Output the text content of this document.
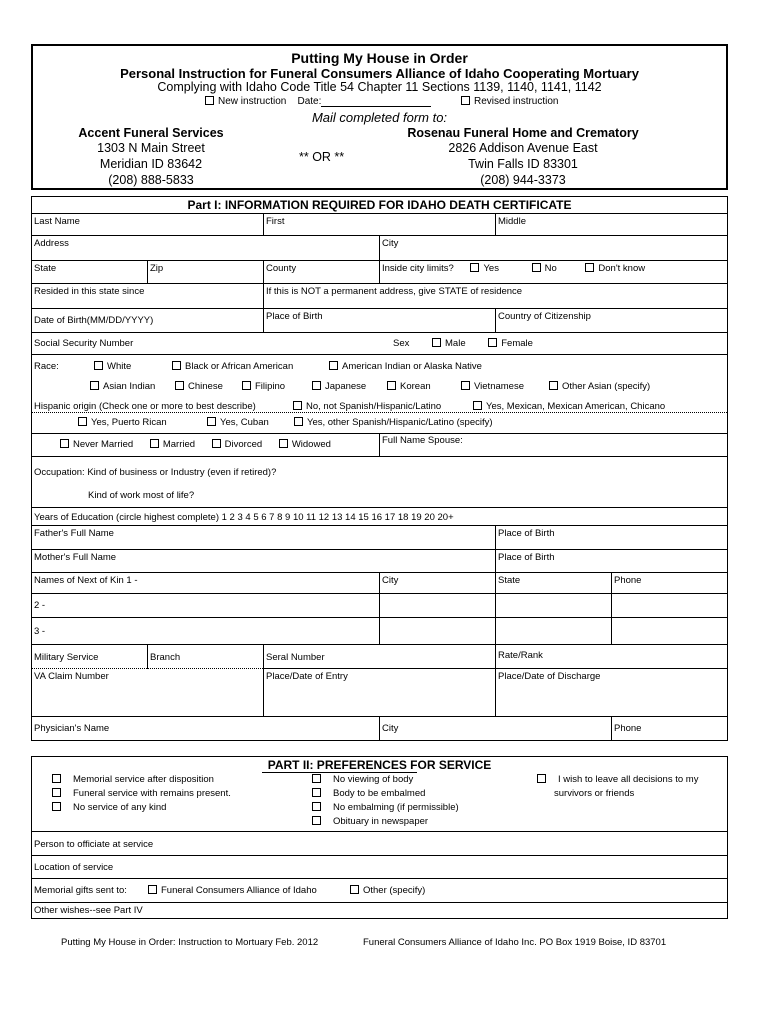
Putting My House in Order
Personal Instruction for Funeral Consumers Alliance of Idaho Cooperating Mortuary
Complying with Idaho Code Title 54 Chapter 11 Sections 1139, 1140, 1141, 1142
New instruction Date:	Revised instruction
Mail completed form to:
Accent Funeral Services
1303 N Main Street
Meridian ID 83642
(208) 888-5833
** OR **
Rosenau Funeral Home and Crematory
2826 Addison Avenue East
Twin Falls ID 83301
(208) 944-3373
Part I: INFORMATION REQUIRED FOR IDAHO DEATH CERTIFICATE
Last Name	First	Middle
Address	City
State	Zip	County	Inside city limits?	Yes	No	Don't know
Resided in this state since	If this is NOT a permanent address, give STATE of residence
Date of Birth(MM/DD/YYYY)	Place of Birth	Country of Citizenship
Social Security Number	Sex	Male	Female
Race:	White	Black or African American	American Indian or Alaska Native
Asian Indian	Chinese	Filipino	Japanese	Korean	Vietnamese	Other Asian (specify)
Hispanic origin (Check one or more to best describe)	No, not Spanish/Hispanic/Latino	Yes, Mexican, Mexican American, Chicano
Yes, Puerto Rican	Yes, Cuban	Yes, other Spanish/Hispanic/Latino (specify)
Never Married	Married	Divorced	Widowed	Full Name Spouse:
Occupation: Kind of business or Industry (even if retired)?
Kind of work most of life?
Years of Education (circle highest complete) 1 2 3 4 5 6 7 8 9 10 11 12 13 14 15 16 17 18 19 20 20+
Father's Full Name	Place of Birth
Mother's Full Name	Place of Birth
Names of Next of Kin 1 -	City	State	Phone
2 -
3 -
Military Service	Branch	Seral Number	Rate/Rank
VA Claim Number	Place/Date of Entry	Place/Date of Discharge
Physician's Name	City	Phone
PART II: PREFERENCES FOR SERVICE
Memorial service after disposition
Funeral service with remains present.
No service of any kind
No viewing of body
Body to be embalmed
No embalming (if permissible)
Obituary in newspaper
I wish to leave all decisions to my
survivors or friends
Person to officiate at service
Location of service
Memorial gifts sent to:	Funeral Consumers Alliance of Idaho	Other (specify)
Other wishes--see Part IV
Putting My House in Order: Instruction to Mortuary Feb. 2012	Funeral Consumers Alliance of Idaho Inc. PO Box 1919 Boise, ID 83701
